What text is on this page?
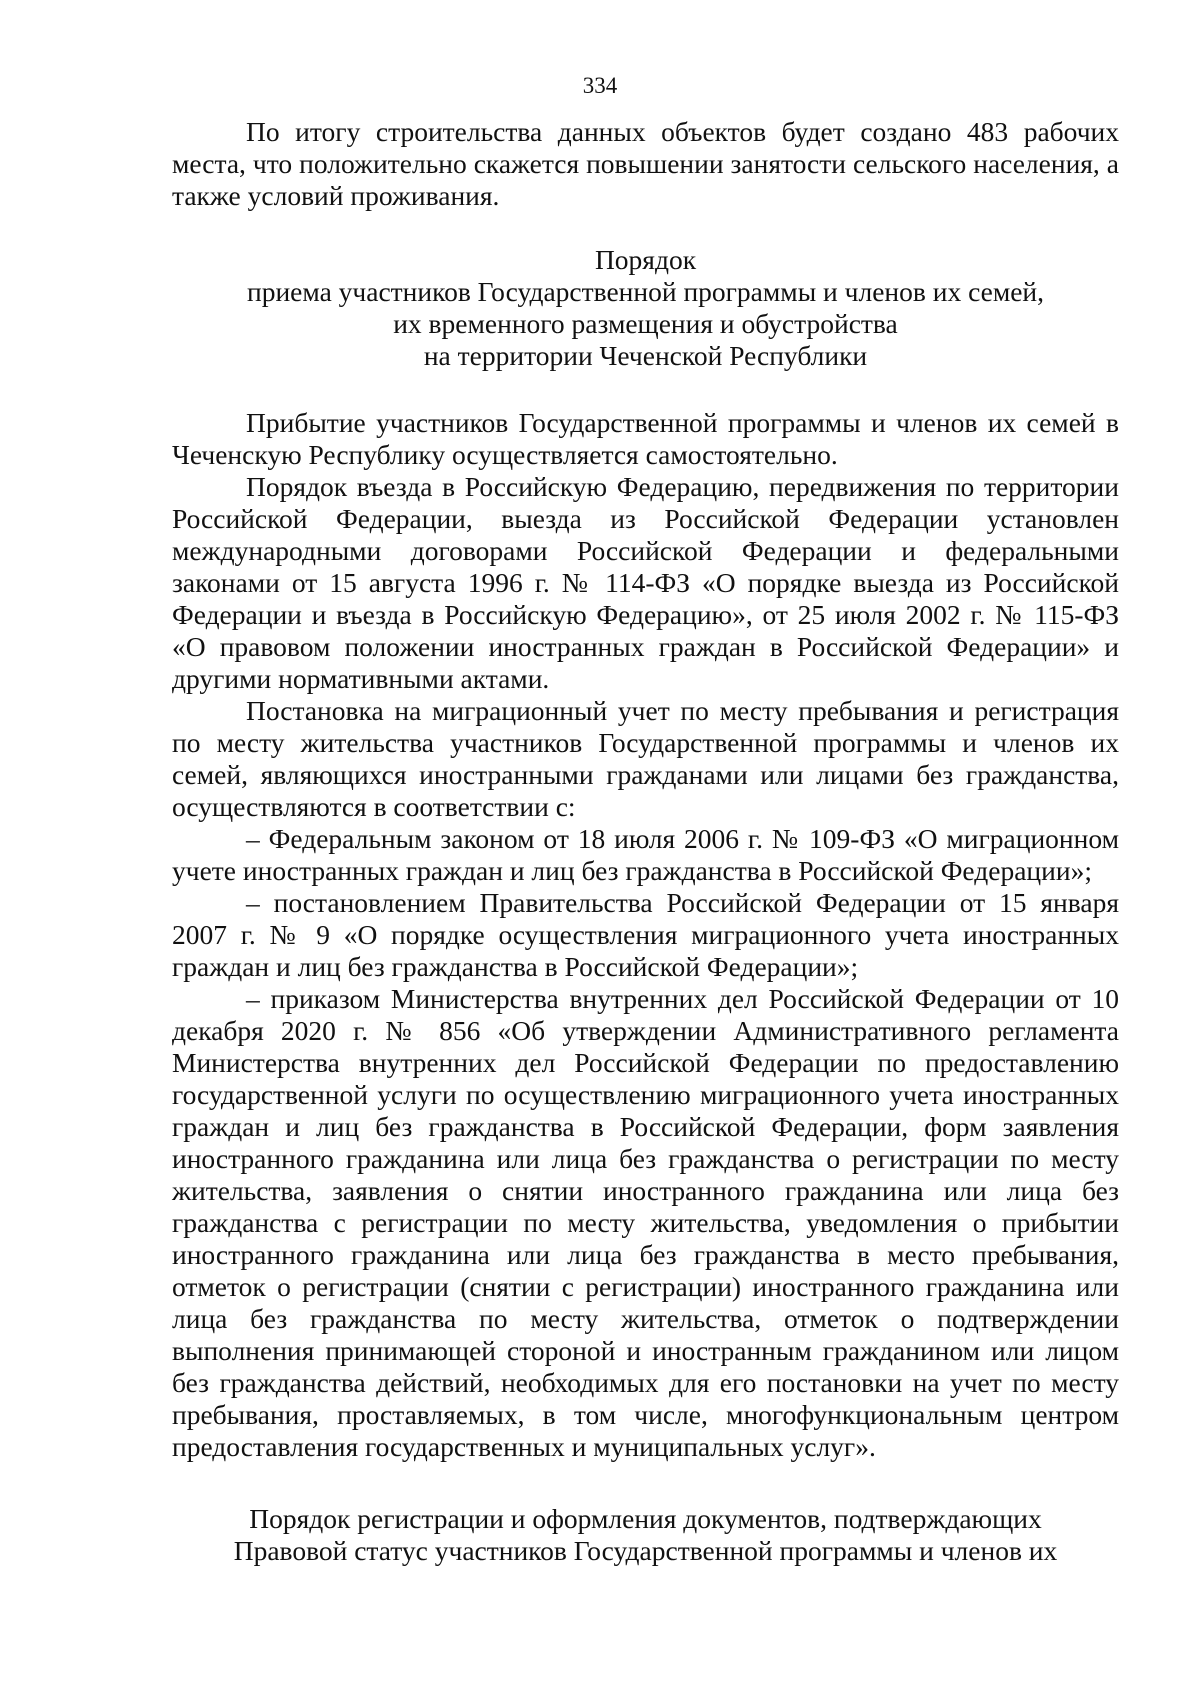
334

По итогу строительства данных объектов будет создано 483 рабочих места, что положительно скажется повышении занятости сельского населения, а также условий проживания.

Порядок

приема участников Государственной программы и членов их семей,

их временного размещения и обустройства

на территории Чеченской Республики

Прибытие участников Государственной программы и членов их семей в Чеченскую Республику осуществляется самостоятельно.

Порядок въезда в Российскую Федерацию, передвижения по территории Российской Федерации, выезда из Российской Федерации установлен международными договорами Российской Федерации и федеральными законами от 15 августа 1996 г. № 114-ФЗ «О порядке выезда из Российской Федерации и въезда в Российскую Федерацию», от 25 июля 2002 г. № 115-ФЗ «О правовом положении иностранных граждан в Российской Федерации» и другими нормативными актами.

Постановка на миграционный учет по месту пребывания и регистрация по месту жительства участников Государственной программы и членов их семей, являющихся иностранными гражданами или лицами без гражданства, осуществляются в соответствии с:

– Федеральным законом от 18 июля 2006 г. № 109-ФЗ «О миграционном учете иностранных граждан и лиц без гражданства в Российской Федерации»;

– постановлением Правительства Российской Федерации от 15 января 2007 г. № 9 «О порядке осуществления миграционного учета иностранных граждан и лиц без гражданства в Российской Федерации»;

– приказом Министерства внутренних дел Российской Федерации от 10 декабря 2020 г. № 856 «Об утверждении Административного регламента Министерства внутренних дел Российской Федерации по предоставлению государственной услуги по осуществлению миграционного учета иностранных граждан и лиц без гражданства в Российской Федерации, форм заявления иностранного гражданина или лица без гражданства о регистрации по месту жительства, заявления о снятии иностранного гражданина или лица без гражданства с регистрации по месту жительства, уведомления о прибытии иностранного гражданина или лица без гражданства в место пребывания, отметок о регистрации (снятии с регистрации) иностранного гражданина или лица без гражданства по месту жительства, отметок о подтверждении выполнения принимающей стороной и иностранным гражданином или лицом без гражданства действий, необходимых для его постановки на учет по месту пребывания, проставляемых, в том числе, многофункциональным центром предоставления государственных и муниципальных услуг».

Порядок регистрации и оформления документов, подтверждающих

Правовой статус участников Государственной программы и членов их
